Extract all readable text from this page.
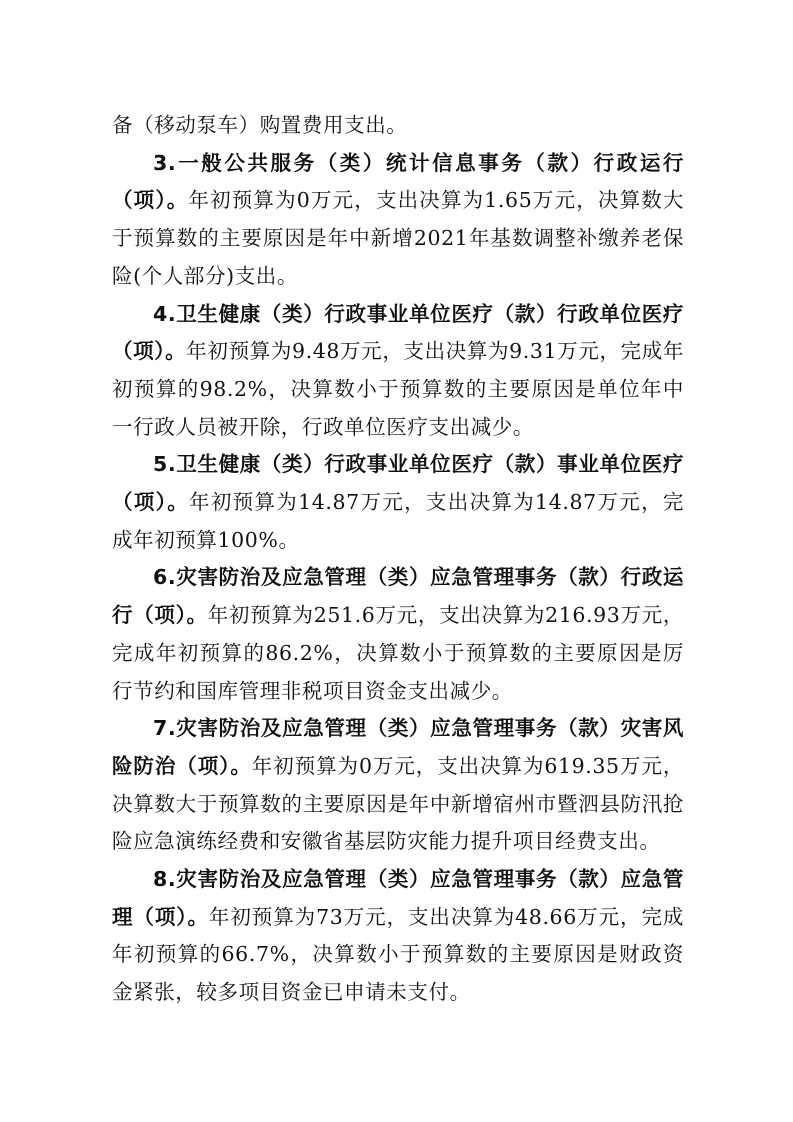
备（移动泵车）购置费用支出。

3.一般公共服务（类）统计信息事务（款）行政运行（项）。年初预算为0万元，支出决算为1.65万元，决算数大于预算数的主要原因是年中新增2021年基数调整补缴养老保险(个人部分)支出。

4.卫生健康（类）行政事业单位医疗（款）行政单位医疗（项）。年初预算为9.48万元，支出决算为9.31万元，完成年初预算的98.2%，决算数小于预算数的主要原因是单位年中一行政人员被开除，行政单位医疗支出减少。

5.卫生健康（类）行政事业单位医疗（款）事业单位医疗（项）。年初预算为14.87万元，支出决算为14.87万元，完成年初预算100%。

6.灾害防治及应急管理（类）应急管理事务（款）行政运行（项）。年初预算为251.6万元，支出决算为216.93万元，完成年初预算的86.2%，决算数小于预算数的主要原因是厉行节约和国库管理非税项目资金支出减少。

7.灾害防治及应急管理（类）应急管理事务（款）灾害风险防治（项）。年初预算为0万元，支出决算为619.35万元，决算数大于预算数的主要原因是年中新增宿州市暨泗县防汛抢险应急演练经费和安徽省基层防灾能力提升项目经费支出。

8.灾害防治及应急管理（类）应急管理事务（款）应急管理（项）。年初预算为73万元，支出决算为48.66万元，完成年初预算的66.7%，决算数小于预算数的主要原因是财政资金紧张，较多项目资金已申请未支付。
